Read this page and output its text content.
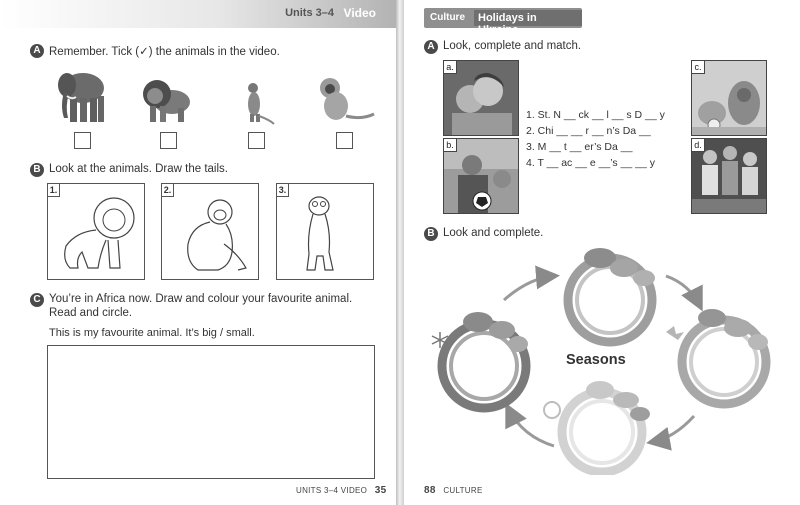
Units 3–4 Video
A Remember. Tick (✓) the animals in the video.
B Look at the animals. Draw the tails.
1.	2.	3.
C You’re in Africa now. Draw and colour your favourite animal.
Read and circle.
This is my favourite animal. It’s big / small.
UNITS 3–4 VIDEO 35
Culture	Holidays in Ukraine
A Look, complete and match.
a.
b.
c.
d.
1. St. N __ ck __ l __ s D __ y
2. Chi __ __ r __ n’s Da __
3. M __ t __ er’s Da __
4. T __ ac __ e __’s __ __ y
B Look and complete.
Seasons
88 CULTURE
